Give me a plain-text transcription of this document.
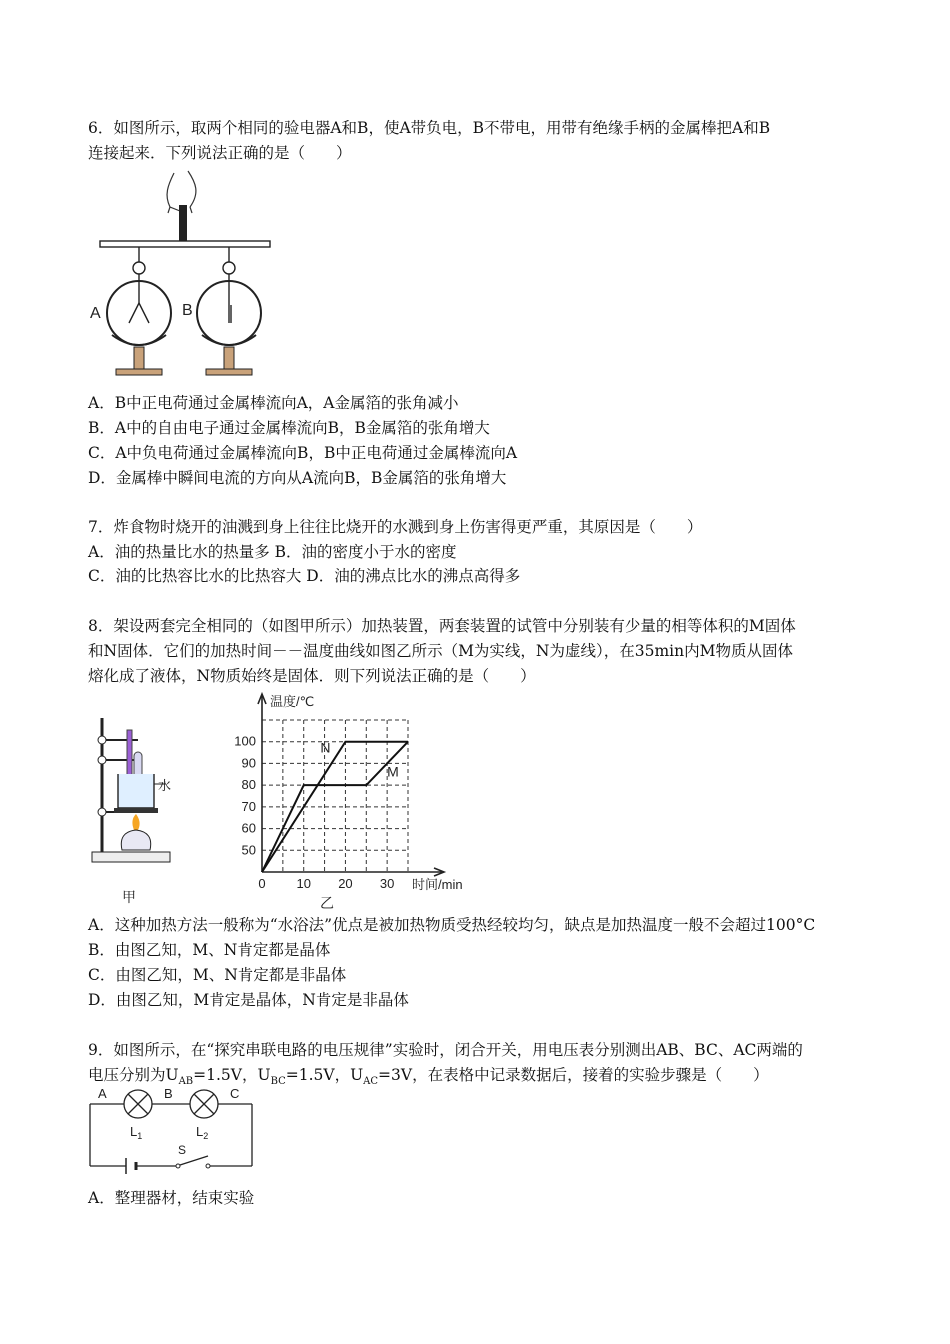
6．如图所示，取两个相同的验电器A和B，使A带负电，B不带电，用带有绝缘手柄的金属棒把A和B
连接起来．下列说法正确的是（　　）
A	B
A．B中正电荷通过金属棒流向A，A金属箔的张角减小
B．A中的自由电子通过金属棒流向B，B金属箔的张角增大
C．A中负电荷通过金属棒流向B，B中正电荷通过金属棒流向A
D．金属棒中瞬间电流的方向从A流向B，B金属箔的张角增大
7．炸食物时烧开的油溅到身上往往比烧开的水溅到身上伤害得更严重，其原因是（　　）
A．油的热量比水的热量多 B．油的密度小于水的密度
C．油的比热容比水的比热容大 D．油的沸点比水的沸点高得多
8．架设两套完全相同的（如图甲所示）加热装置，两套装置的试管中分别装有少量的相等体积的M固体
和N固体．它们的加热时间－－温度曲线如图乙所示（M为实线，N为虚线），在35min内M物质从固体
熔化成了液体，N物质始终是固体．则下列说法正确的是（　　）
水
甲
0 10 20 30
50
60
70
80
90
100
M
N
温度/℃
时间/min
乙
A．这种加热方法一般称为“水浴法”优点是被加热物质受热经较均匀，缺点是加热温度一般不会超过100°C
B．由图乙知，M、N肯定都是晶体
C．由图乙知，M、N肯定都是非晶体
D．由图乙知，M肯定是晶体，N肯定是非晶体
9．如图所示，在“探究串联电路的电压规律”实验时，闭合开关，用电压表分别测出AB、BC、AC两端的
电压分别为$U_{AB}=1.5V$，$U_{BC}=1.5V$，$U_{AC}=3V$，在表格中记录数据后，接着的实验步骤是（　　）
A	B	C
$L_1$	$L_2$
S
A．整理器材，结束实验
